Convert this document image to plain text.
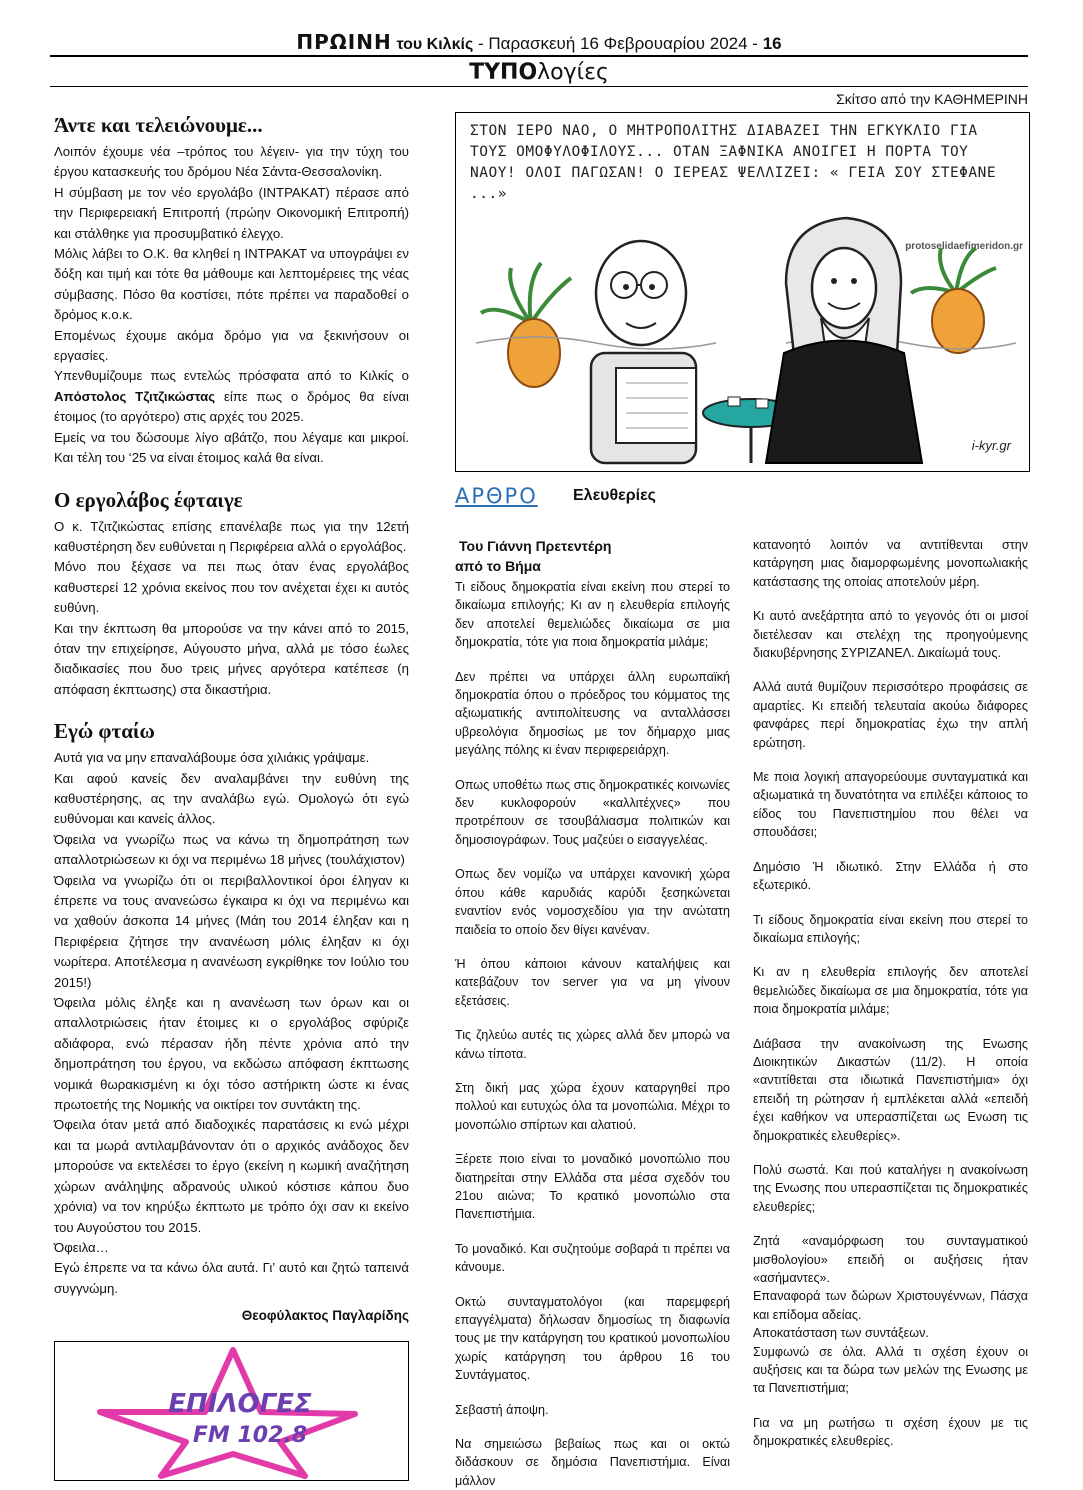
ΠΡΩΙΝΗ του Κιλκίς - Παρασκευή 16 Φεβρουαρίου 2024 - 16
ΤΥΠΟλογίες
Σκίτσο από την ΚΑΘΗΜΕΡΙΝΗ
Άντε και τελειώνουμε...

Λοιπόν έχουμε νέα –τρόπος του λέγειν- για την τύχη του έργου κατασκευής του δρόμου Νέα Σάντα-Θεσσαλονίκη.

Η σύμβαση με τον νέο εργολάβο (ΙΝΤΡΑΚΑΤ) πέρασε από την Περιφερειακή Επιτροπή (πρώην Οικονομική Επιτροπή) και στάλθηκε για προσυμβατικό έλεγχο.

Μόλις λάβει το Ο.Κ. θα κληθεί η INTPAKAT να υπογράψει εν δόξη και τιμή και τότε θα μάθουμε και λεπτομέρειες της νέας σύμβασης. Πόσο θα κοστίσει, πότε πρέπει να παραδοθεί ο δρόμος κ.ο.κ.

Επομένως έχουμε ακόμα δρόμο για να ξεκινήσουν οι εργασίες.

Υπενθυμίζουμε πως εντελώς πρόσφατα από το Κιλκίς ο Απόστολος Τζιτζικώστας είπε πως ο δρόμος θα είναι έτοιμος (το αργότερο) στις αρχές του 2025.

Εμείς να του δώσουμε λίγο αβάτζο, που λέγαμε και μικροί. Και τέλη του ‘25 να είναι έτοιμος καλά θα είναι.

Ο εργολάβος έφταιγε

Ο κ. Τζιτζικώστας επίσης επανέλαβε πως για την 12ετή καθυστέρηση δεν ευθύνεται η Περιφέρεια αλλά ο εργολάβος.

Μόνο που ξέχασε να πει πως όταν ένας εργολάβος καθυστερεί 12 χρόνια εκείνος που τον ανέχεται έχει κι αυτός ευθύνη.

Και την έκπτωση θα μπορούσε να την κάνει από το 2015, όταν την επιχείρησε, Αύγουστο μήνα, αλλά με τόσο έωλες διαδικασίες που δυο τρεις μήνες αργότερα κατέπεσε (η απόφαση έκπτωσης) στα δικαστήρια.

Εγώ φταίω

Αυτά για να μην επαναλάβουμε όσα χιλιάκις γράψαμε.

Και αφού κανείς δεν αναλαμβάνει την ευθύνη της καθυστέρησης, ας την αναλάβω εγώ. Ομολογώ ότι εγώ ευθύνομαι και κανείς άλλος.

Όφειλα να γνωρίζω πως να κάνω τη δημοπράτηση των απαλλοτριώσεων κι όχι να περιμένω 18 μήνες (τουλάχιστον)

Όφειλα να γνωρίζω ότι οι περιβαλλοντικοί όροι έληγαν κι έπρεπε να τους ανανεώσω έγκαιρα κι όχι να περιμένω και να χαθούν άσκοπα 14 μήνες (Μάη του 2014 έληξαν και η Περιφέρεια ζήτησε την ανανέωση μόλις έληξαν κι όχι νωρίτερα. Αποτέλεσμα η ανανέωση εγκρίθηκε τον Ιούλιο του 2015!)

Όφειλα μόλις έληξε και η ανανέωση των όρων και οι απαλλοτριώσεις ήταν έτοιμες κι ο εργολάβος σφύριζε αδιάφορα, ενώ πέρασαν ήδη πέντε χρόνια από την δημοπράτηση του έργου, να εκδώσω απόφαση έκπτωσης νομικά θωρακισμένη κι όχι τόσο αστήρικτη ώστε κι ένας πρωτοετής της Νομικής να οικτίρει τον συντάκτη της.

Όφειλα όταν μετά από διαδοχικές παρατάσεις κι ενώ μέχρι και τα μωρά αντιλαμβάνονταν ότι ο αρχικός ανάδοχος δεν μπορούσε να εκτελέσει το έργο (εκείνη η κωμική αναζήτηση χώρων ανάληψης αδρανούς υλικού κόστισε κάπου δυο χρόνια) να τον κηρύξω έκπτωτο με τρόπο όχι σαν κι εκείνο του Αυγούστου του 2015.

Όφειλα…

Εγώ έπρεπε να τα κάνω όλα αυτά. Γι’ αυτό και ζητώ ταπεινά συγγνώμη.

Θεοφύλακτος Παγλαρίδης
ΕΠΙΛΟΓΕΣ
FM 102.8
ΣΤΟΝ ΙΕΡΟ ΝΑΟ, Ο ΜΗΤΡΟΠΟΛΙΤΗΣ ΔΙΑΒΑΖΕΙ ΤΗΝ ΕΓΚΥΚΛΙΟ ΓΙΑ ΤΟΥΣ ΟΜΟΦΥΛΟΦΙΛΟΥΣ... ΟΤΑΝ ΞΑΦΝΙΚΑ ΑΝΟΙΓΕΙ Η ΠΟΡΤΑ ΤΟΥ ΝΑΟΥ! ΟΛΟΙ ΠΑΓΩΣΑΝ! Ο ΙΕΡΕΑΣ ΨΕΛΛΙΖΕΙ: « ΓΕΙΑ ΣΟΥ ΣΤΕΦΑΝΕ ...»
protoselidaefimeridon.gr
i-kyr.gr
ΑΡΘΡΟ Ελευθερίες
Του Γιάννη Πρετεντέρη
από το Βήμα

Τι είδους δημοκρατία είναι εκείνη που στερεί το δικαίωμα επιλογής; Κι αν η ελευθερία επιλογής δεν αποτελεί θεμελιώδες δικαίωμα σε μια δημοκρατία, τότε για ποια δημοκρατία μιλάμε;

Δεν πρέπει να υπάρχει άλλη ευρωπαϊκή δημοκρατία όπου ο πρόεδρος του κόμματος της αξιωματικής αντιπολίτευσης να ανταλλάσσει υβρεολόγια δημοσίως με τον δήμαρχο μιας μεγάλης πόλης κι έναν περιφερειάρχη.

Οπως υποθέτω πως στις δημοκρατικές κοινωνίες δεν κυκλοφορούν «καλλιτέχνες» που προτρέπουν σε τσουβάλιασμα πολιτικών και δημοσιογράφων. Τους μαζεύει ο εισαγγελέας.

Οπως δεν νομίζω να υπάρχει κανονική χώρα όπου κάθε καρυδιάς καρύδι ξεσηκώνεται εναντίον ενός νομοσχεδίου για την ανώτατη παιδεία το οποίο δεν θίγει κανέναν.

Ή όπου κάποιοι κάνουν καταλήψεις και κατεβάζουν τον server για να μη γίνουν εξετάσεις.

Τις ζηλεύω αυτές τις χώρες αλλά δεν μπορώ να κάνω τίποτα.

Στη δική μας χώρα έχουν καταργηθεί προ πολλού και ευτυχώς όλα τα μονοπώλια. Μέχρι το μονοπώλιο σπίρτων και αλατιού.

Ξέρετε ποιο είναι το μοναδικό μονοπώλιο που διατηρείται στην Ελλάδα στα μέσα σχεδόν του 21ου αιώνα; Το κρατικό μονοπώλιο στα Πανεπιστήμια.

Το μοναδικό. Και συζητούμε σοβαρά τι πρέπει να κάνουμε.

Οκτώ συνταγματολόγοι (και παρεμφερή επαγγέλματα) δήλωσαν δημοσίως τη διαφωνία τους με την κατάργηση του κρατικού μονοπωλίου χωρίς κατάργηση του άρθρου 16 του Συντάγματος.

Σεβαστή άποψη.

Να σημειώσω βεβαίως πως και οι οκτώ διδάσκουν σε δημόσια Πανεπιστήμια. Είναι μάλλον

κατανοητό λοιπόν να αντιτίθενται στην κατάργηση μιας διαμορφωμένης μονοπωλιακής κατάστασης της οποίας αποτελούν μέρη.

Κι αυτό ανεξάρτητα από το γεγονός ότι οι μισοί διετέλεσαν και στελέχη της προηγούμενης διακυβέρνησης ΣΥΡΙΖΑΝΕΛ. Δικαίωμά τους.

Αλλά αυτά θυμίζουν περισσότερο προφάσεις σε αμαρτίες. Κι επειδή τελευταία ακούω διάφορες φανφάρες περί δημοκρατίας έχω την απλή ερώτηση.

Με ποια λογική απαγορεύουμε συνταγματικά και αξιωματικά τη δυνατότητα να επιλέξει κάποιος το είδος του Πανεπιστημίου που θέλει να σπουδάσει;

Δημόσιο Ή ιδιωτικό. Στην Ελλάδα ή στο εξωτερικό.

Τι είδους δημοκρατία είναι εκείνη που στερεί το δικαίωμα επιλογής;

Κι αν η ελευθερία επιλογής δεν αποτελεί θεμελιώδες δικαίωμα σε μια δημοκρατία, τότε για ποια δημοκρατία μιλάμε;

Διάβασα την ανακοίνωση της Ενωσης Διοικητικών Δικαστών (11/2). Η οποία «αντιτίθεται στα ιδιωτικά Πανεπιστήμια» όχι επειδή τη ρώτησαν ή εμπλέκεται αλλά «επειδή έχει καθήκον να υπερασπίζεται ως Ενωση τις δημοκρατικές ελευθερίες».

Πολύ σωστά. Και πού καταλήγει η ανακοίνωση της Ενωσης που υπερασπίζεται τις δημοκρατικές ελευθερίες;

Ζητά «αναμόρφωση του συνταγματικού μισθολογίου» επειδή οι αυξήσεις ήταν «ασήμαντες».

Επαναφορά των δώρων Χριστουγέννων, Πάσχα και επίδομα αδείας.

Αποκατάσταση των συντάξεων.

Συμφωνώ σε όλα. Αλλά τι σχέση έχουν οι αυξήσεις και τα δώρα των μελών της Ενωσης με τα Πανεπιστήμια;

Για να μη ρωτήσω τι σχέση έχουν με τις δημοκρατικές ελευθερίες.
